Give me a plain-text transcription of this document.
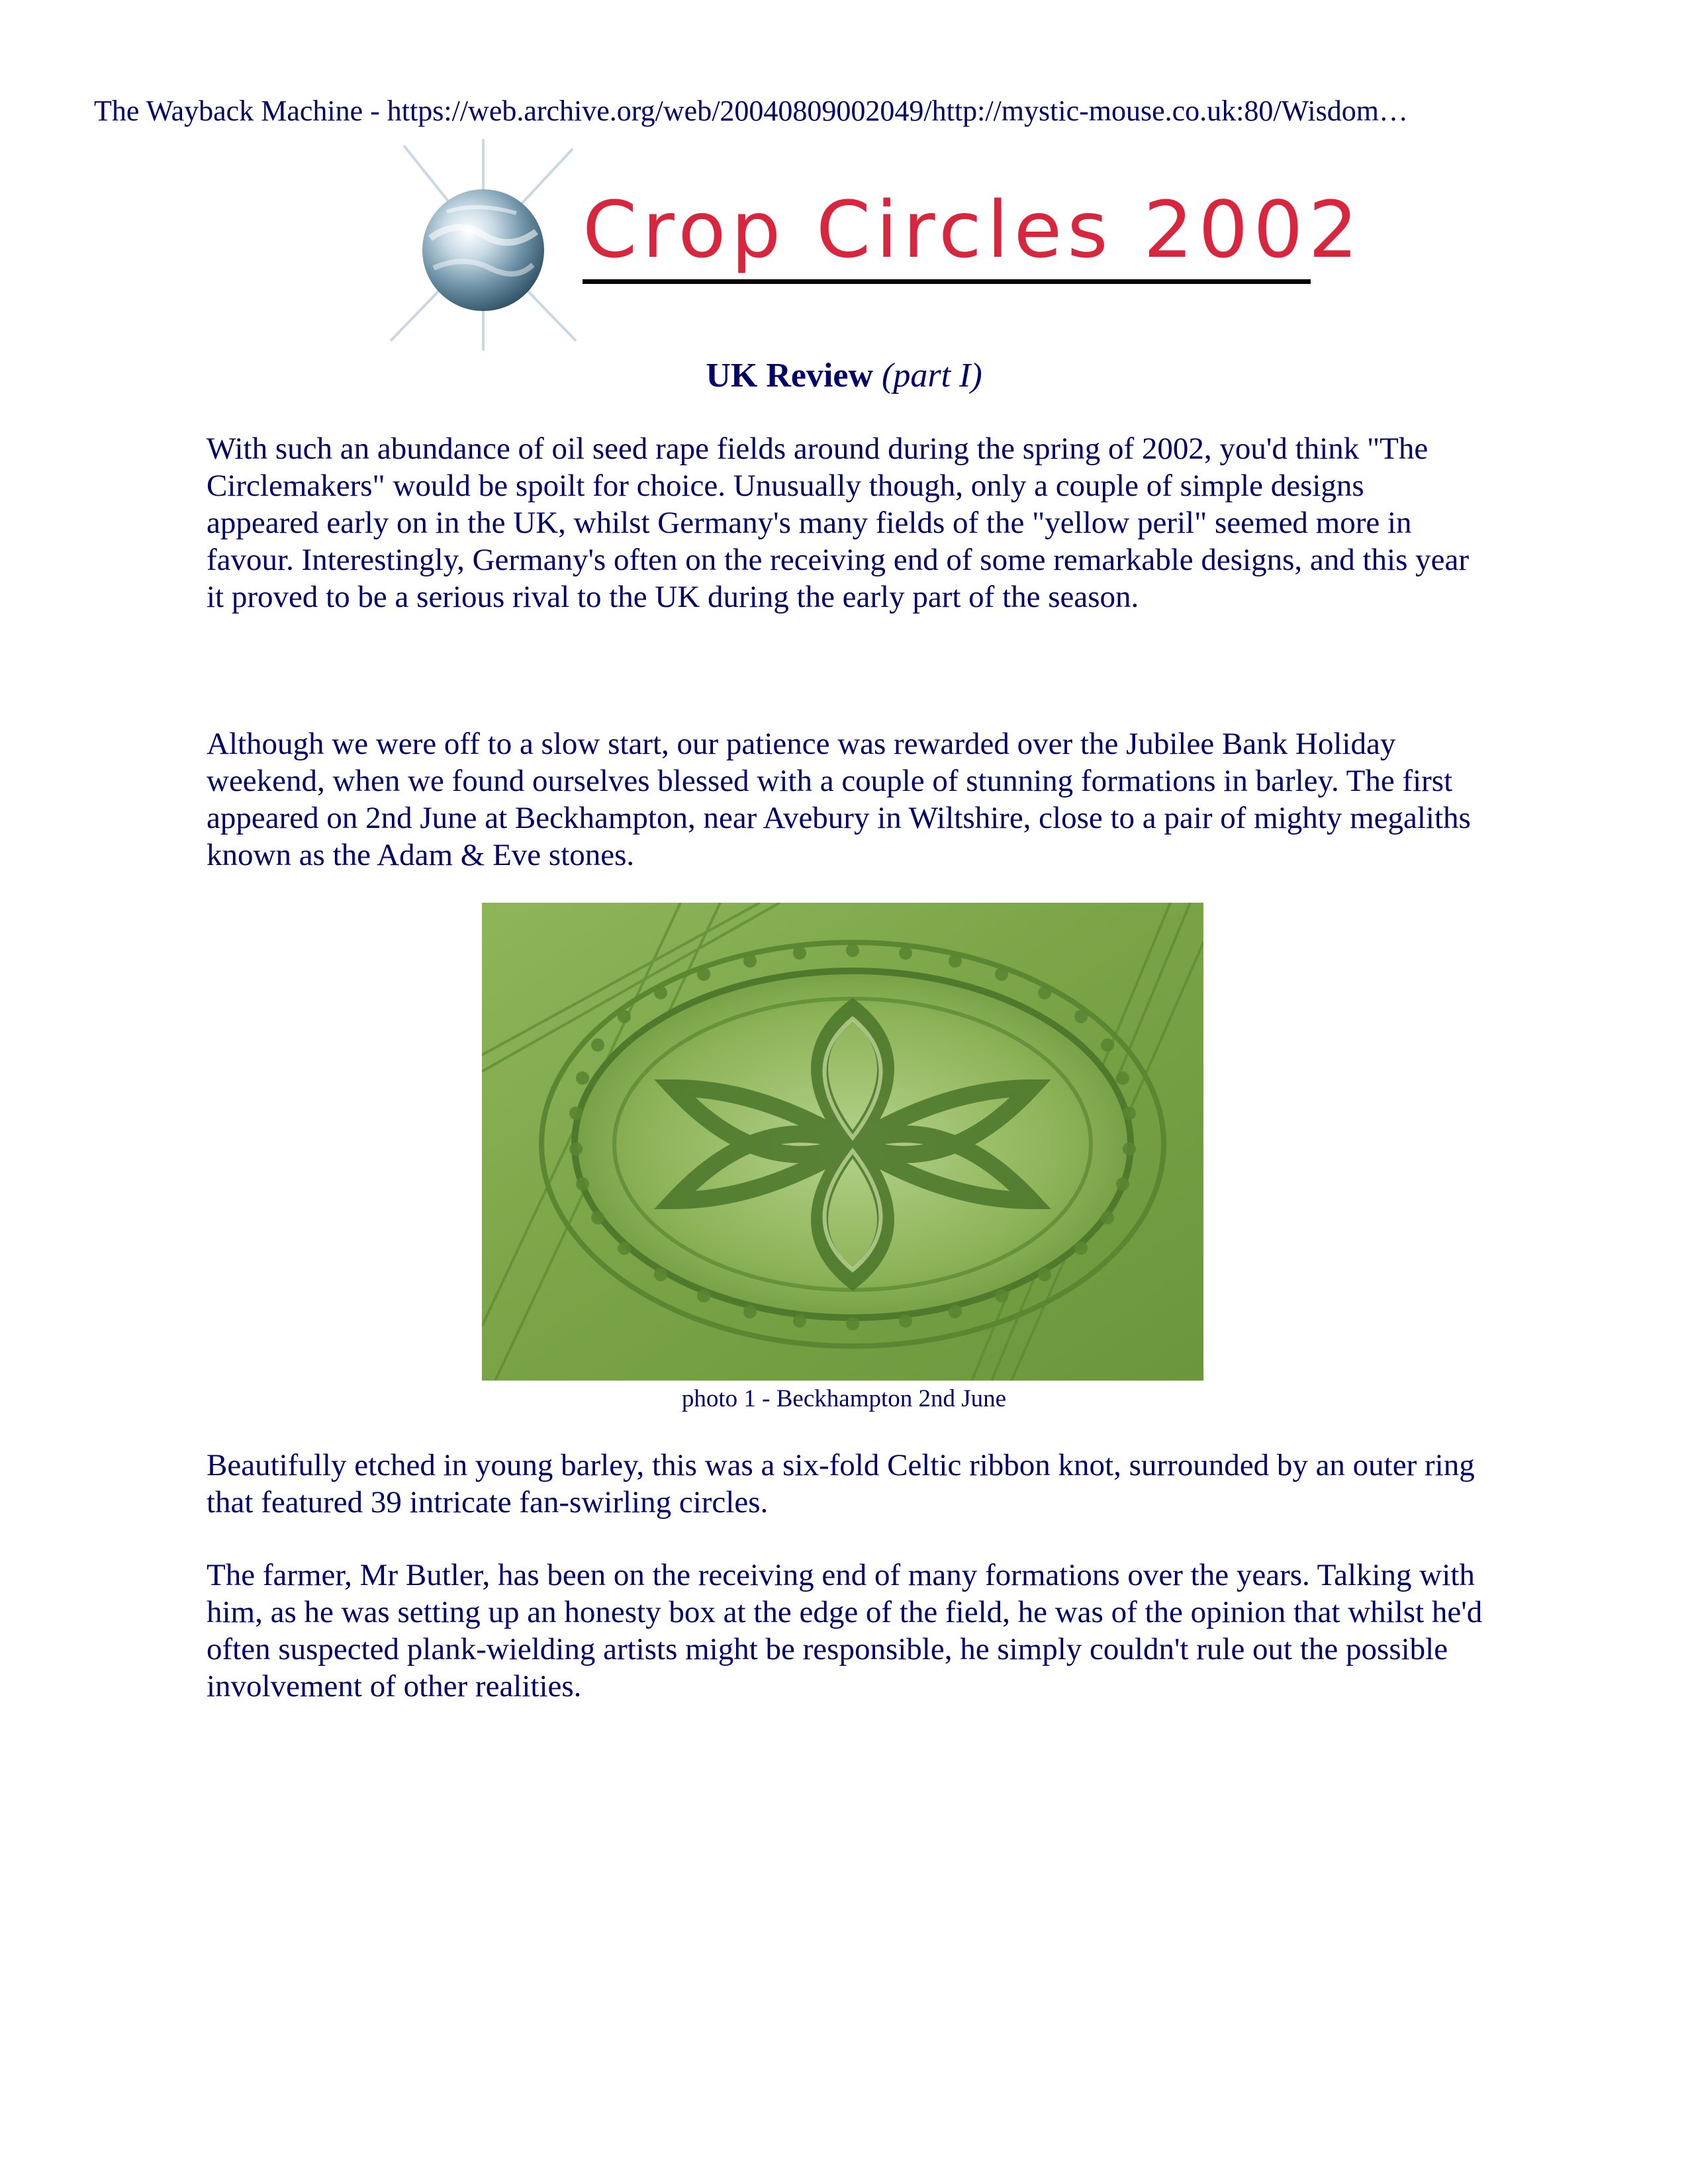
The Wayback Machine - https://web.archive.org/web/20040809002049/http://mystic-mouse.co.uk:80/Wisdom…
Crop Circles 2002
UK Review (part I)

With such an abundance of oil seed rape fields around during the spring of 2002, you'd think "The Circlemakers" would be spoilt for choice. Unusually though, only a couple of simple designs appeared early on in the UK, whilst Germany's many fields of the "yellow peril" seemed more in favour. Interestingly, Germany's often on the receiving end of some remarkable designs, and this year it proved to be a serious rival to the UK during the early part of the season.

Although we were off to a slow start, our patience was rewarded over the Jubilee Bank Holiday weekend, when we found ourselves blessed with a couple of stunning formations in barley. The first appeared on 2nd June at Beckhampton, near Avebury in Wiltshire, close to a pair of mighty megaliths known as the Adam & Eve stones.

photo 1 - Beckhampton 2nd June

Beautifully etched in young barley, this was a six-fold Celtic ribbon knot, surrounded by an outer ring that featured 39 intricate fan-swirling circles.

The farmer, Mr Butler, has been on the receiving end of many formations over the years. Talking with him, as he was setting up an honesty box at the edge of the field, he was of the opinion that whilst he'd often suspected plank-wielding artists might be responsible, he simply couldn't rule out the possible involvement of other realities.
